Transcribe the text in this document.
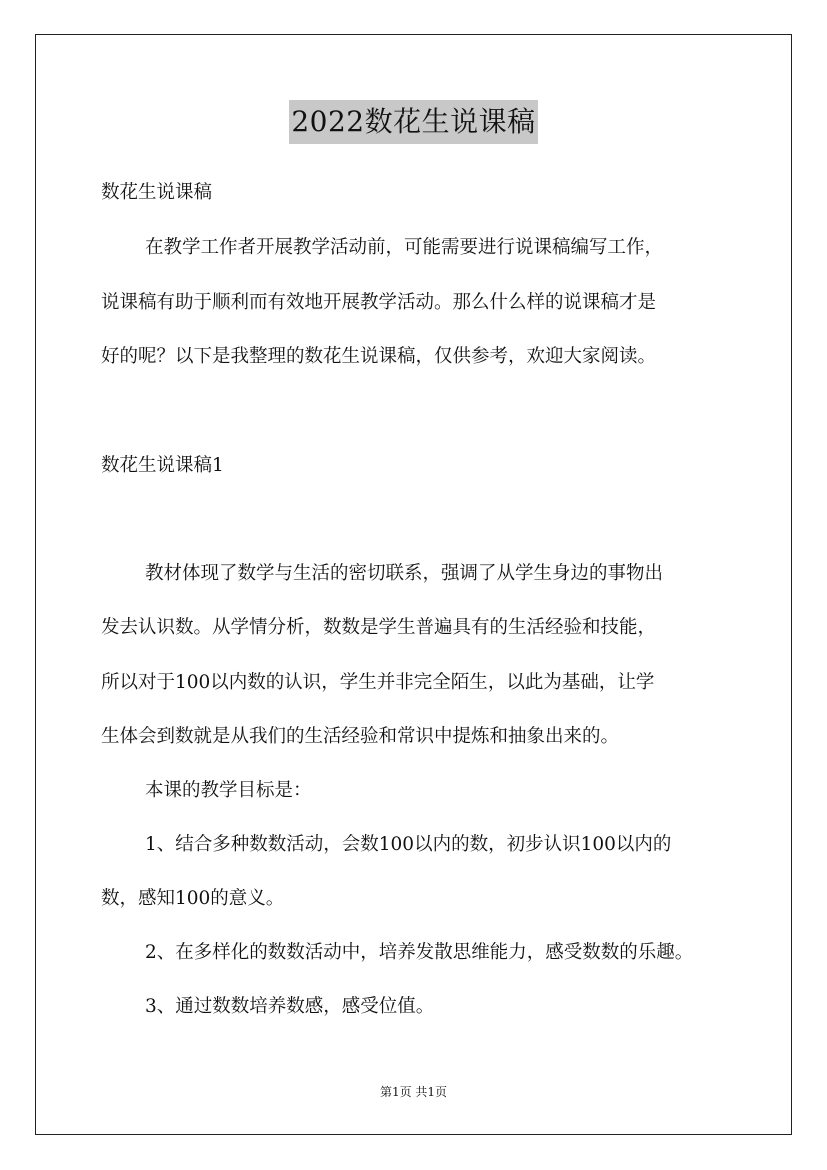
2022数花生说课稿
数花生说课稿
在教学工作者开展教学活动前，可能需要进行说课稿编写工作，
说课稿有助于顺利而有效地开展教学活动。那么什么样的说课稿才是
好的呢？以下是我整理的数花生说课稿，仅供参考，欢迎大家阅读。
数花生说课稿1
教材体现了数学与生活的密切联系，强调了从学生身边的事物出
发去认识数。从学情分析，数数是学生普遍具有的生活经验和技能，
所以对于100以内数的认识，学生并非完全陌生，以此为基础，让学
生体会到数就是从我们的生活经验和常识中提炼和抽象出来的。
本课的教学目标是：
1、结合多种数数活动，会数100以内的数，初步认识100以内的
数，感知100的意义。
2、在多样化的数数活动中，培养发散思维能力，感受数数的乐趣。
3、通过数数培养数感，感受位值。
第1页 共1页
